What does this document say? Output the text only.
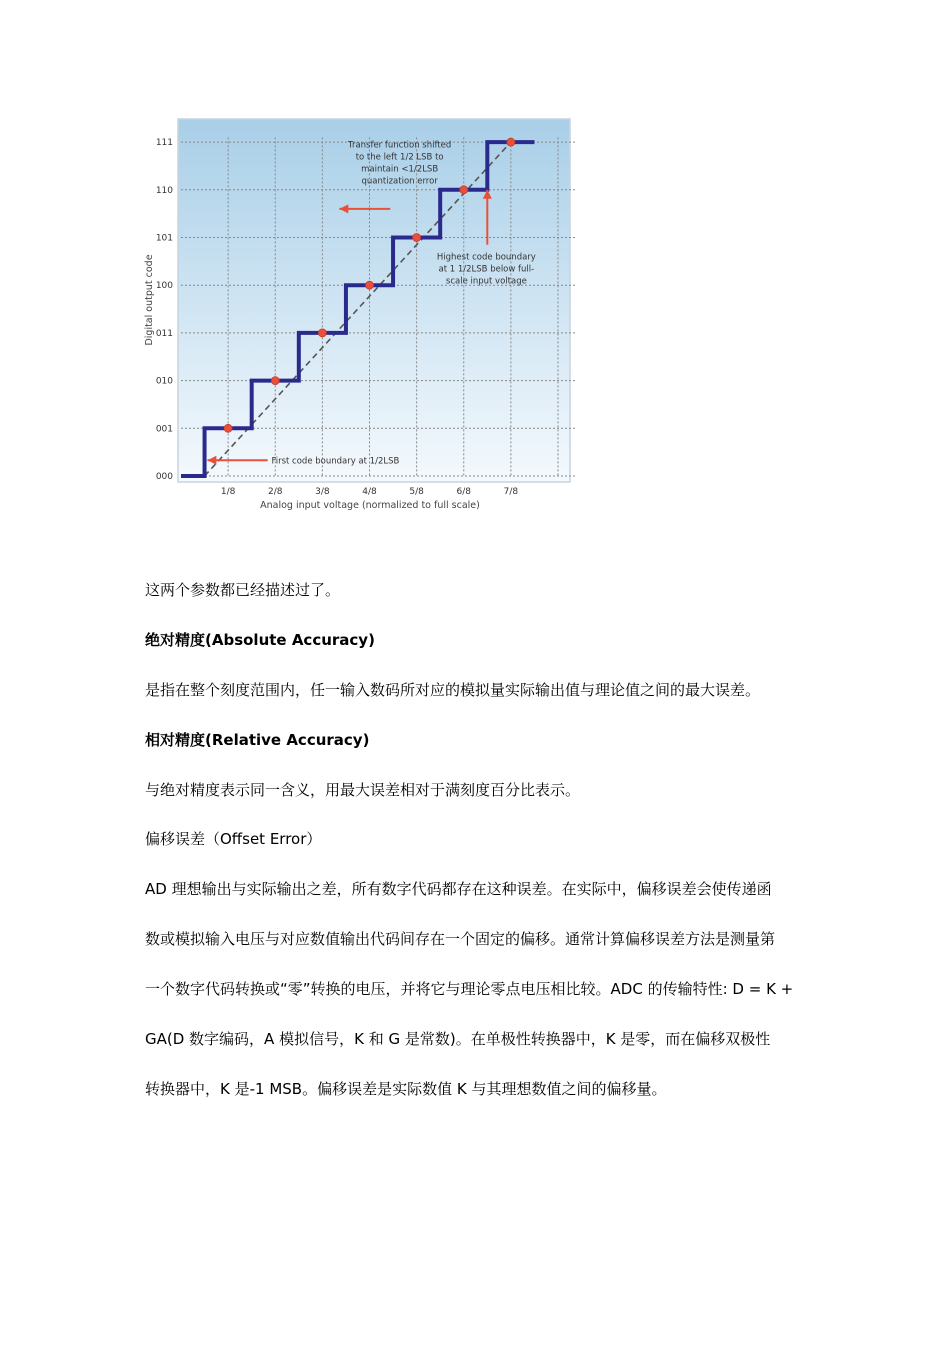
1/8	2/8	3/8	4/8	5/8	6/8	7/8
000
001
010
011
100
101
110
111
Analog input voltage (normalized to full scale)
Digital output code
Transfer function shifted
to the left 1/2 LSB to
maintain <1/2LSB
quantization error
Highest code boundary
at 1 1/2LSB below full-
scale input voltage
First code boundary at 1/2LSB

这两个参数都已经描述过了。

绝对精度(Absolute Accuracy)

是指在整个刻度范围内，任一输入数码所对应的模拟量实际输出值与理论值之间的最大误差。

相对精度(Relative Accuracy)

与绝对精度表示同一含义，用最大误差相对于满刻度百分比表示。

偏移误差（Offset Error）

AD 理想输出与实际输出之差，所有数字代码都存在这种误差。在实际中，偏移误差会使传递函

数或模拟输入电压与对应数值输出代码间存在一个固定的偏移。通常计算偏移误差方法是测量第

一个数字代码转换或“零”转换的电压，并将它与理论零点电压相比较。ADC 的传输特性: D = K +

GA(D 数字编码，A 模拟信号，K 和 G 是常数)。在单极性转换器中，K 是零，而在偏移双极性

转换器中，K 是-1 MSB。偏移误差是实际数值 K 与其理想数值之间的偏移量。
